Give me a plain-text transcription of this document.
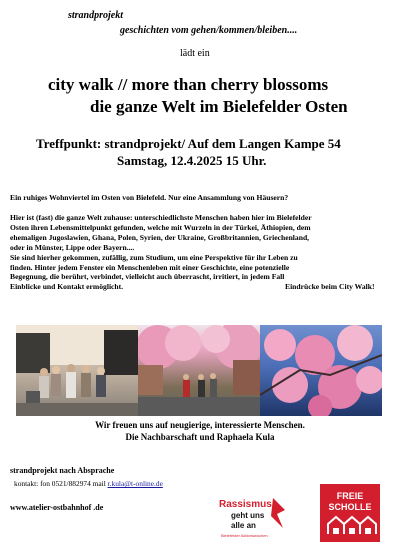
strandprojekt
geschichten vom gehen/kommen/bleiben....
lädt ein
city walk // more than cherry blossoms
die ganze Welt im Bielefelder Osten
Treffpunkt: strandprojekt/ Auf dem Langen Kampe 54
Samstag, 12.4.2025 15 Uhr.
Ein ruhiges Wohnviertel im Osten von Bielefeld. Nur eine Ansammlung von Häusern?
Hier ist (fast) die ganze Welt zuhause: unterschiedlichste Menschen haben hier im Bielefelder
Osten ihren Lebensmittelpunkt gefunden, welche mit Wurzeln in der Türkei, Äthiopien, dem
ehemaligen Jugoslawien, Ghana, Polen, Syrien, der Ukraine, Großbritannien, Griechenland,
oder in Münster, Lippe oder Bayern....
Sie sind hierher gekommen, zufällig, zum Studium, um eine Perspektive für ihr Leben zu
finden. Hinter jedem Fenster ein Menschenleben mit einer Geschichte, eine potenzielle
Begegnung, die berührt, verbindet, vielleicht auch überrascht, irritiert, in jedem Fall
Einblicke und Kontakt ermöglicht.	Eindrücke beim City Walk!
Wir freuen uns auf neugierige, interessierte Menschen.
Die Nachbarschaft und Raphaela Kula
strandprojekt nach Absprache
kontakt: fon 0521/882974 mail r.kula@t-online.de
www.atelier-ostbahnhof .de	Rassismus
geht uns
alle an
Bielefelder Aktionswochen
FREIE
SCHOLLE
